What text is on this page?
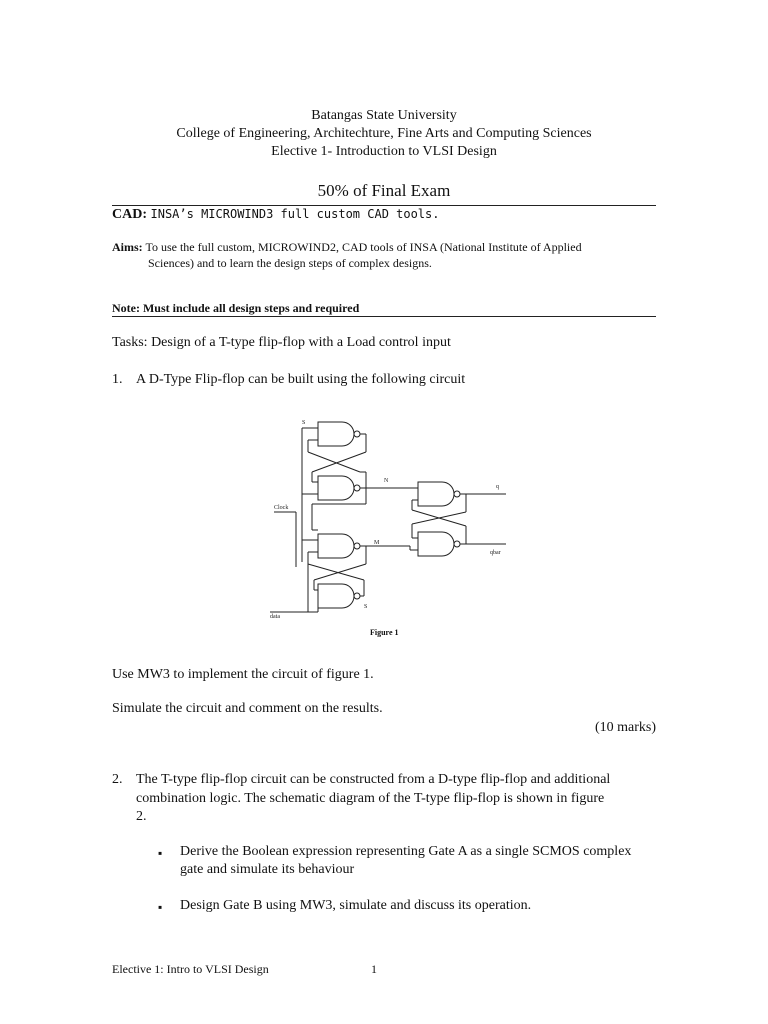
Batangas State University
College of Engineering, Architechture, Fine Arts and Computing Sciences
Elective 1- Introduction to VLSI Design
50% of Final Exam
CAD: INSA’s MICROWIND3 full custom CAD tools.
Aims: To use the full custom, MICROWIND2, CAD tools of INSA (National Institute of Applied
Sciences) and to learn the design steps of complex designs.
Note: Must include all design steps and required
Tasks: Design of a T-type flip-flop with a Load control input
1. A D-Type Flip-flop can be built using the following circuit
S
N
q
Clock
M
qbar
S
data
Figure 1
Use MW3 to implement the circuit of figure 1.
Simulate the circuit and comment on the results.
(10 marks)
2. The T-type flip-flop circuit can be constructed from a D-type flip-flop and additional
combination logic. The schematic diagram of the T-type flip-flop is shown in figure
2.
▪ Derive the Boolean expression representing Gate A as a single SCMOS complex
gate and simulate its behaviour
▪ Design Gate B using MW3, simulate and discuss its operation.
Elective 1: Intro to VLSI Design	1
